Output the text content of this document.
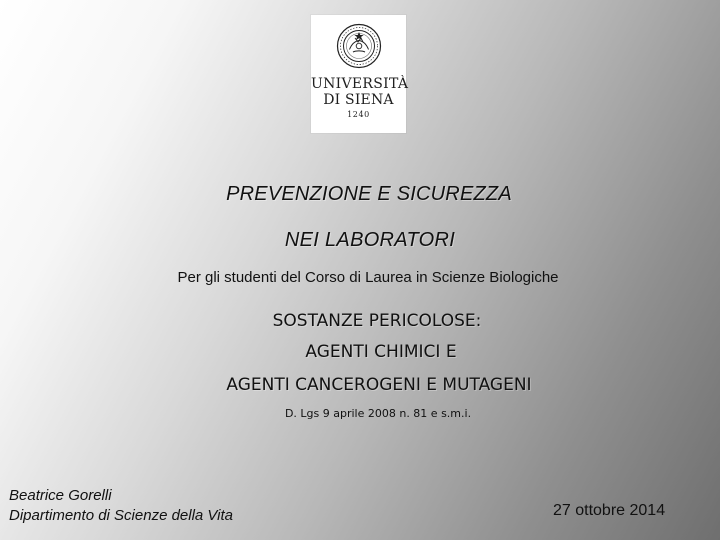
UNIVERSITÀ
DI SIENA
1240
PREVENZIONE E SICUREZZA
NEI LABORATORI
Per gli studenti del Corso di Laurea in Scienze Biologiche
SOSTANZE PERICOLOSE:
AGENTI CHIMICI E
AGENTI CANCEROGENI E MUTAGENI
D. Lgs 9 aprile 2008 n. 81 e s.m.i.
Beatrice Gorelli
Dipartimento di Scienze della Vita	27 ottobre 2014
